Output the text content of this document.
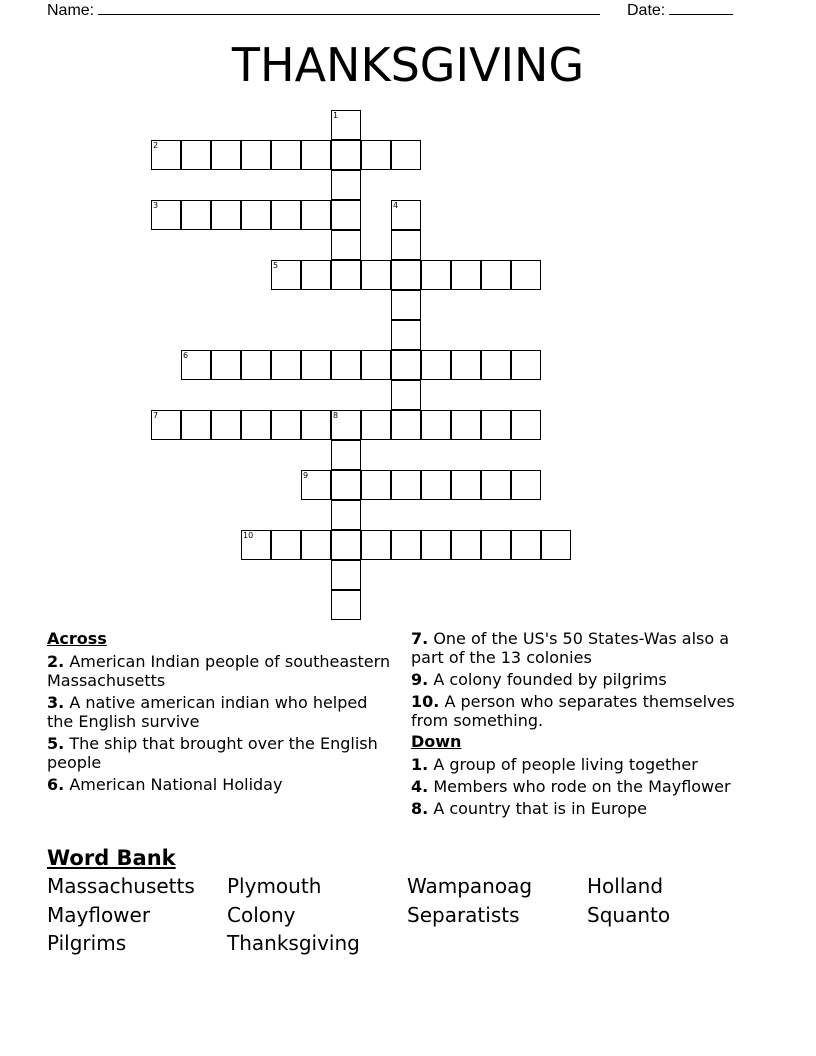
Name:	Date:
THANKSGIVING
1
2
3	4
5
6
7	8
9
10
Across
2. American Indian people of southeastern Massachusetts
3. A native american indian who helped the English survive
5. The ship that brought over the English people
6. American National Holiday
7. One of the US's 50 States-Was also a part of the 13 colonies
9. A colony founded by pilgrims
10. A person who separates themselves from something.
Down
1. A group of people living together
4. Members who rode on the Mayflower
8. A country that is in Europe
Word Bank
Massachusetts Plymouth	Wampanoag	Holland
Mayflower	Colony	Separatists	Squanto
Pilgrims	Thanksgiving
